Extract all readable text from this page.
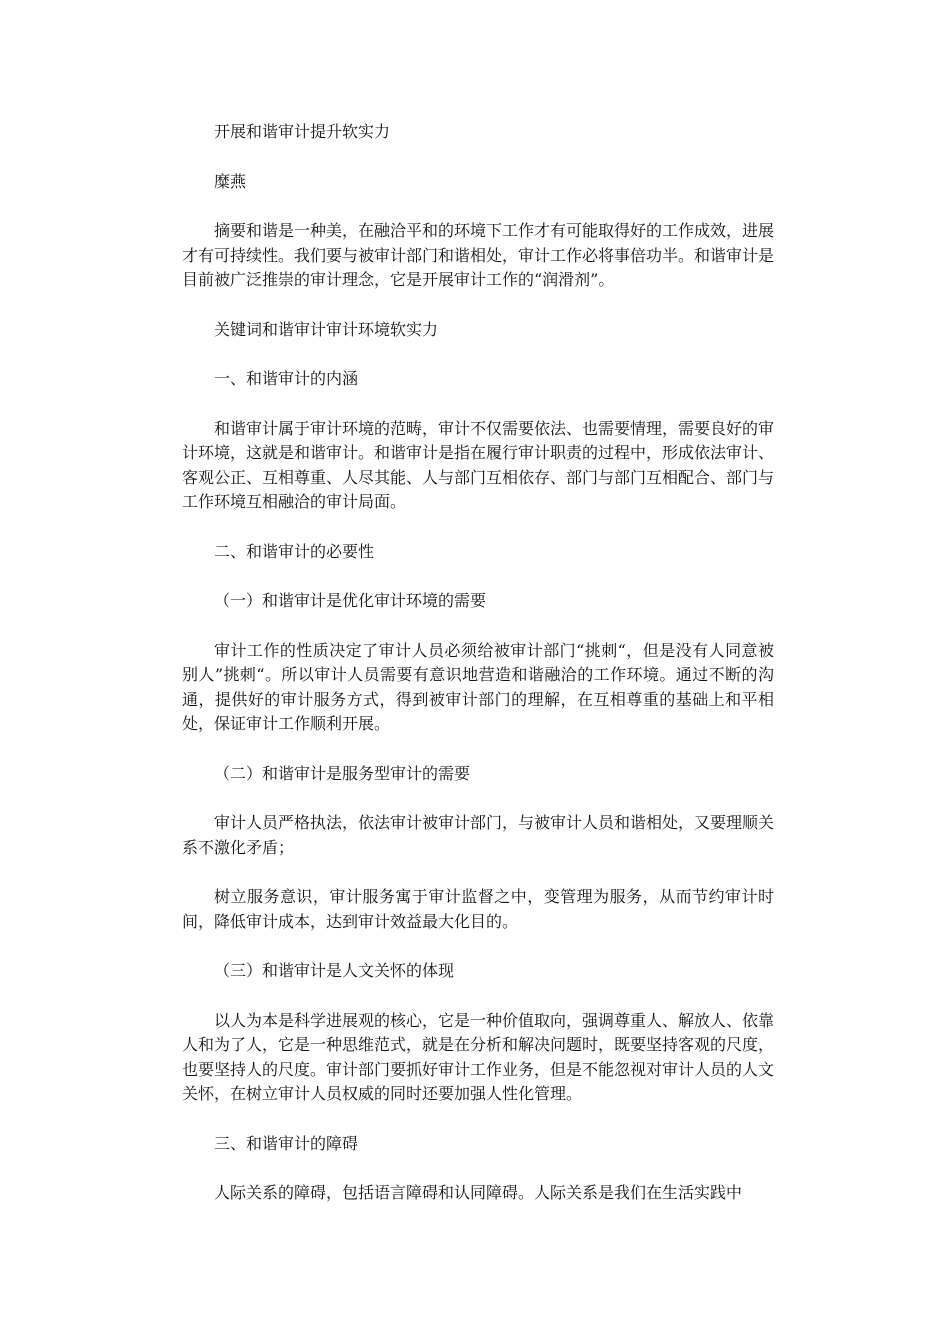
开展和谐审计提升软实力

糜燕

摘要和谐是一种美，在融洽平和的环境下工作才有可能取得好的工作成效，进展才有可持续性。我们要与被审计部门和谐相处，审计工作必将事倍功半。和谐审计是目前被广泛推崇的审计理念，它是开展审计工作的“润滑剂”。

关键词和谐审计审计环境软实力

一、和谐审计的内涵

和谐审计属于审计环境的范畴，审计不仅需要依法、也需要情理，需要良好的审计环境，这就是和谐审计。和谐审计是指在履行审计职责的过程中，形成依法审计、客观公正、互相尊重、人尽其能、人与部门互相依存、部门与部门互相配合、部门与工作环境互相融洽的审计局面。

二、和谐审计的必要性

（一）和谐审计是优化审计环境的需要

审计工作的性质决定了审计人员必须给被审计部门“挑刺“，但是没有人同意被别人”挑刺“。所以审计人员需要有意识地营造和谐融洽的工作环境。通过不断的沟通，提供好的审计服务方式，得到被审计部门的理解，在互相尊重的基础上和平相处，保证审计工作顺利开展。

（二）和谐审计是服务型审计的需要

审计人员严格执法，依法审计被审计部门，与被审计人员和谐相处，又要理顺关系不激化矛盾；

树立服务意识，审计服务寓于审计监督之中，变管理为服务，从而节约审计时间，降低审计成本，达到审计效益最大化目的。

（三）和谐审计是人文关怀的体现

以人为本是科学进展观的核心，它是一种价值取向，强调尊重人、解放人、依靠人和为了人，它是一种思维范式，就是在分析和解决问题时，既要坚持客观的尺度，也要坚持人的尺度。审计部门要抓好审计工作业务，但是不能忽视对审计人员的人文关怀，在树立审计人员权威的同时还要加强人性化管理。

三、和谐审计的障碍

人际关系的障碍，包括语言障碍和认同障碍。人际关系是我们在生活实践中
